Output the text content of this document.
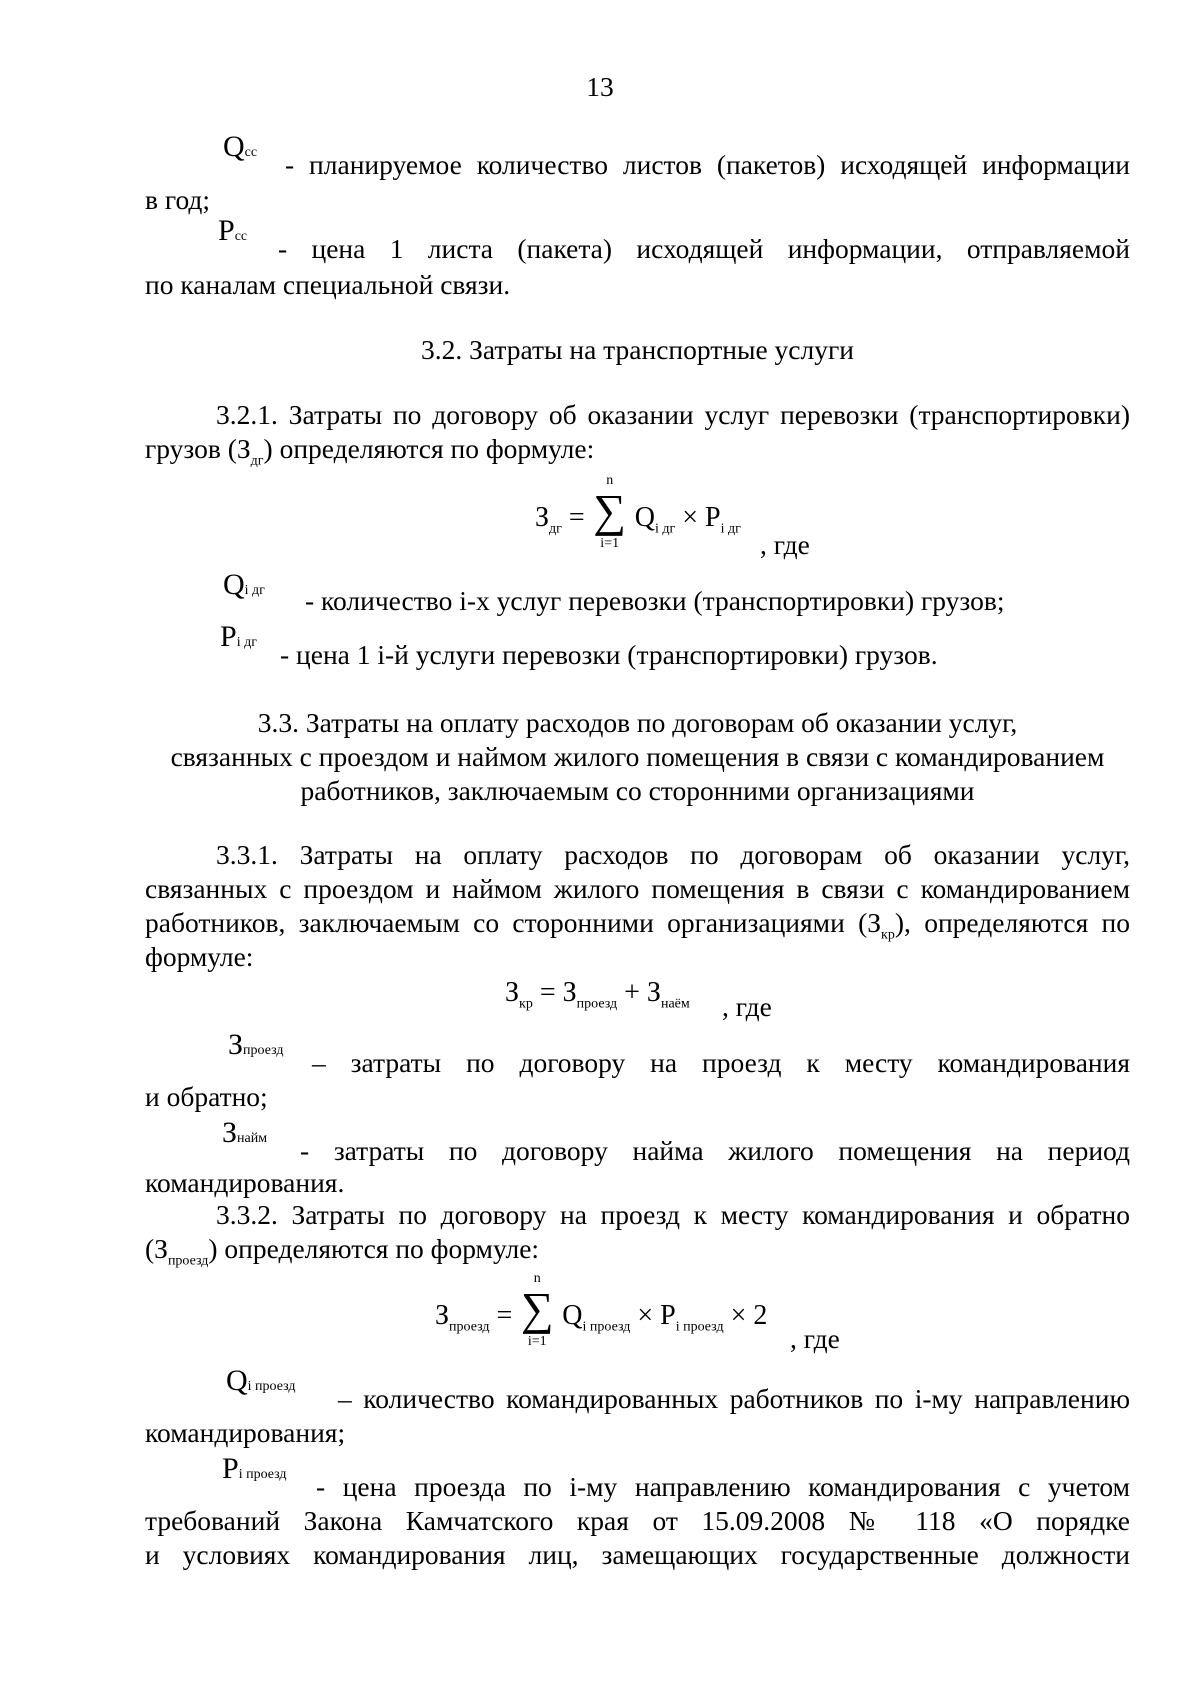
13
Qсс - планируемое количество листов (пакетов) исходящей информации
в год;
Pсс - цена 1 листа (пакета) исходящей информации, отправляемой
по каналам специальной связи.
3.2. Затраты на транспортные услуги
3.2.1. Затраты по договору об оказании услуг перевозки (транспортировки)
грузов $(З_{дг})$ определяются по формуле:
$З_{дг}$ =
n
∑
i=1
$Q_{i дг} \times P_{i дг}$ , где
Qi дг - количество i-х услуг перевозки (транспортировки) грузов;
Pi дг - цена 1 i-й услуги перевозки (транспортировки) грузов.
3.3. Затраты на оплату расходов по договорам об оказании услуг,
связанных с проездом и наймом жилого помещения в связи с командированием
работников, заключаемым со сторонними организациями
3.3.1. Затраты на оплату расходов по договорам об оказании услуг,
связанных с проездом и наймом жилого помещения в связи с командированием
работников, заключаемым со сторонними организациями $(З_{кр})$, определяются по
формуле:
$З_{кр} = З_{проезд} + З_{наём}$ , где
Зпроезд – затраты по договору на проезд к месту командирования
и обратно;
Знайм - затраты по договору найма жилого помещения на период
командирования.
3.3.2. Затраты по договору на проезд к месту командирования и обратно
$(З_{проезд})$ определяются по формуле:
$З_{проезд}$ =
n
∑
i=1
$Q_{i проезд} \times P_{i проезд} \times 2$
, где
Qi проезд – количество командированных работников по i-му направлению
командирования;
Pi проезд - цена проезда по i-му направлению командирования с учетом
требований Закона Камчатского края от 15.09.2008 № 118 «О порядке
и условиях командирования лиц, замещающих государственные должности
